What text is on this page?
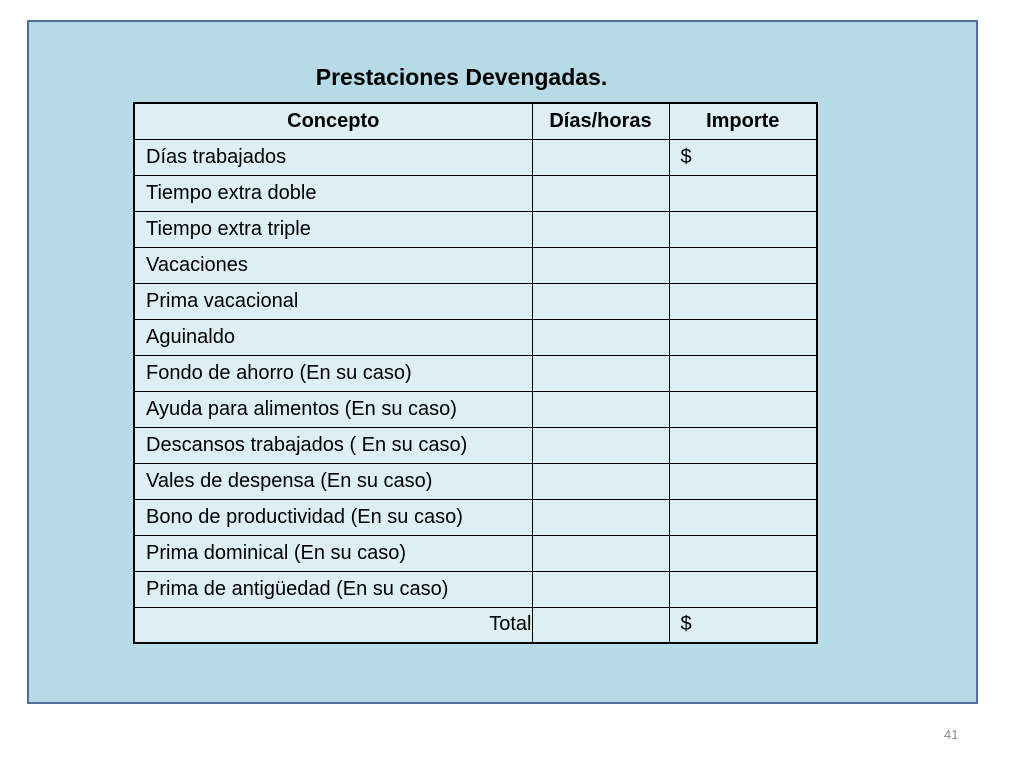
Prestaciones Devengadas.
Concepto	Días/horas	Importe
Días trabajados		$
Tiempo extra doble		
Tiempo extra triple		
Vacaciones		
Prima vacacional		
Aguinaldo		
Fondo de ahorro (En su caso)		
Ayuda para alimentos (En su caso)		
Descansos trabajados ( En su caso)		
Vales de despensa (En su caso)		
Bono de productividad (En su caso)		
Prima dominical (En su caso)		
Prima de antigüedad (En su caso)		
Total		$
41
